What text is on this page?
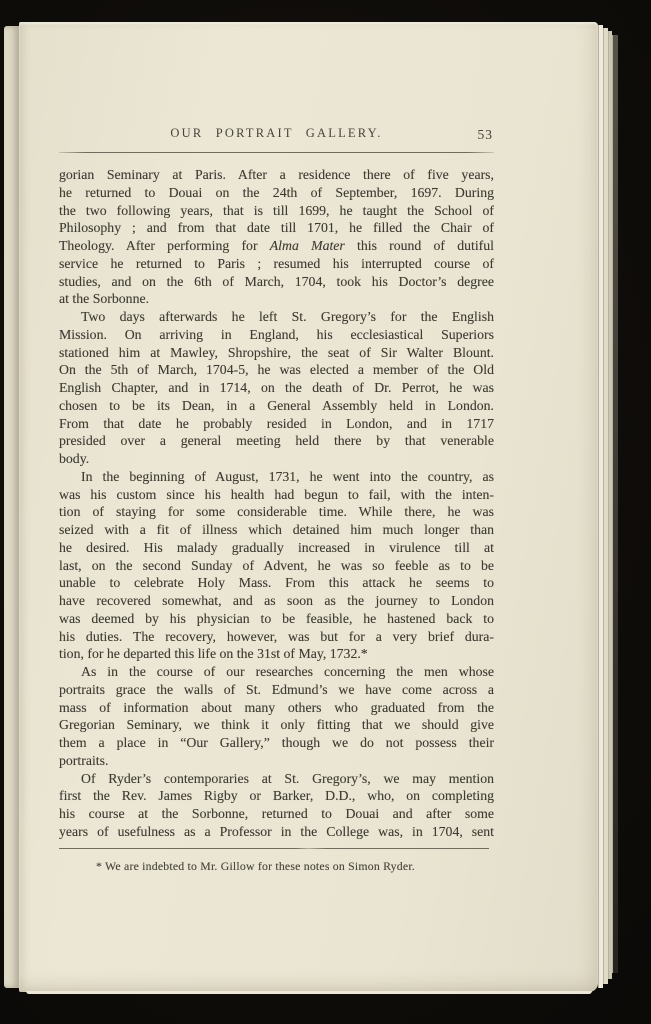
OUR PORTRAIT GALLERY.	53
gorian Seminary at Paris. After a residence there of five years,
he returned to Douai on the 24th of September, 1697. During
the two following years, that is till 1699, he taught the School of
Philosophy ; and from that date till 1701, he filled the Chair of
Theology. After performing for Alma Mater this round of dutiful
service he returned to Paris ; resumed his interrupted course of
studies, and on the 6th of March, 1704, took his Doctor’s degree
at the Sorbonne.
Two days afterwards he left St. Gregory’s for the English
Mission. On arriving in England, his ecclesiastical Superiors
stationed him at Mawley, Shropshire, the seat of Sir Walter Blount.
On the 5th of March, 1704-5, he was elected a member of the Old
English Chapter, and in 1714, on the death of Dr. Perrot, he was
chosen to be its Dean, in a General Assembly held in London.
From that date he probably resided in London, and in 1717
presided over a general meeting held there by that venerable
body.
In the beginning of August, 1731, he went into the country, as
was his custom since his health had begun to fail, with the inten-
tion of staying for some considerable time. While there, he was
seized with a fit of illness which detained him much longer than
he desired. His malady gradually increased in virulence till at
last, on the second Sunday of Advent, he was so feeble as to be
unable to celebrate Holy Mass. From this attack he seems to
have recovered somewhat, and as soon as the journey to London
was deemed by his physician to be feasible, he hastened back to
his duties. The recovery, however, was but for a very brief dura-
tion, for he departed this life on the 31st of May, 1732.*
As in the course of our researches concerning the men whose
portraits grace the walls of St. Edmund’s we have come across a
mass of information about many others who graduated from the
Gregorian Seminary, we think it only fitting that we should give
them a place in “Our Gallery,” though we do not possess their
portraits.
Of Ryder’s contemporaries at St. Gregory’s, we may mention
first the Rev. James Rigby or Barker, D.D., who, on completing
his course at the Sorbonne, returned to Douai and after some
years of usefulness as a Professor in the College was, in 1704, sent
* We are indebted to Mr. Gillow for these notes on Simon Ryder.
